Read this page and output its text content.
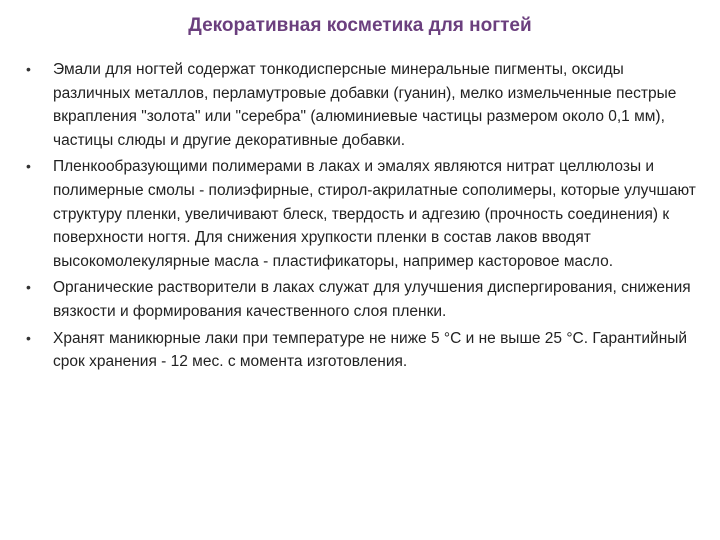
Декоративная косметика для ногтей
•	Эмали для ногтей содержат тонкодисперсные минеральные пигменты, оксиды различных металлов, перламутровые добавки (гуанин), мелко измельченные пестрые вкрапления "золота" или "серебра" (алюминиевые частицы размером около 0,1 мм), частицы слюды и другие декоративные добавки.
•	Пленкообразующими полимерами в лаках и эмалях являются нитрат целлюлозы и полимерные смолы - полиэфирные, стирол-акрилатные сополимеры, которые улучшают структуру пленки, увеличивают блеск, твердость и адгезию (прочность соединения) к поверхности ногтя. Для снижения хрупкости пленки в состав лаков вводят высокомолекулярные масла - пластификаторы, например касторовое масло.
•	Органические растворители в лаках служат для улучшения диспергирования, снижения вязкости и формирования качественного слоя пленки.
•	Хранят маникюрные лаки при температуре не ниже 5 °С и не выше 25 °С. Гарантийный срок хранения - 12 мес. с момента изготовления.
